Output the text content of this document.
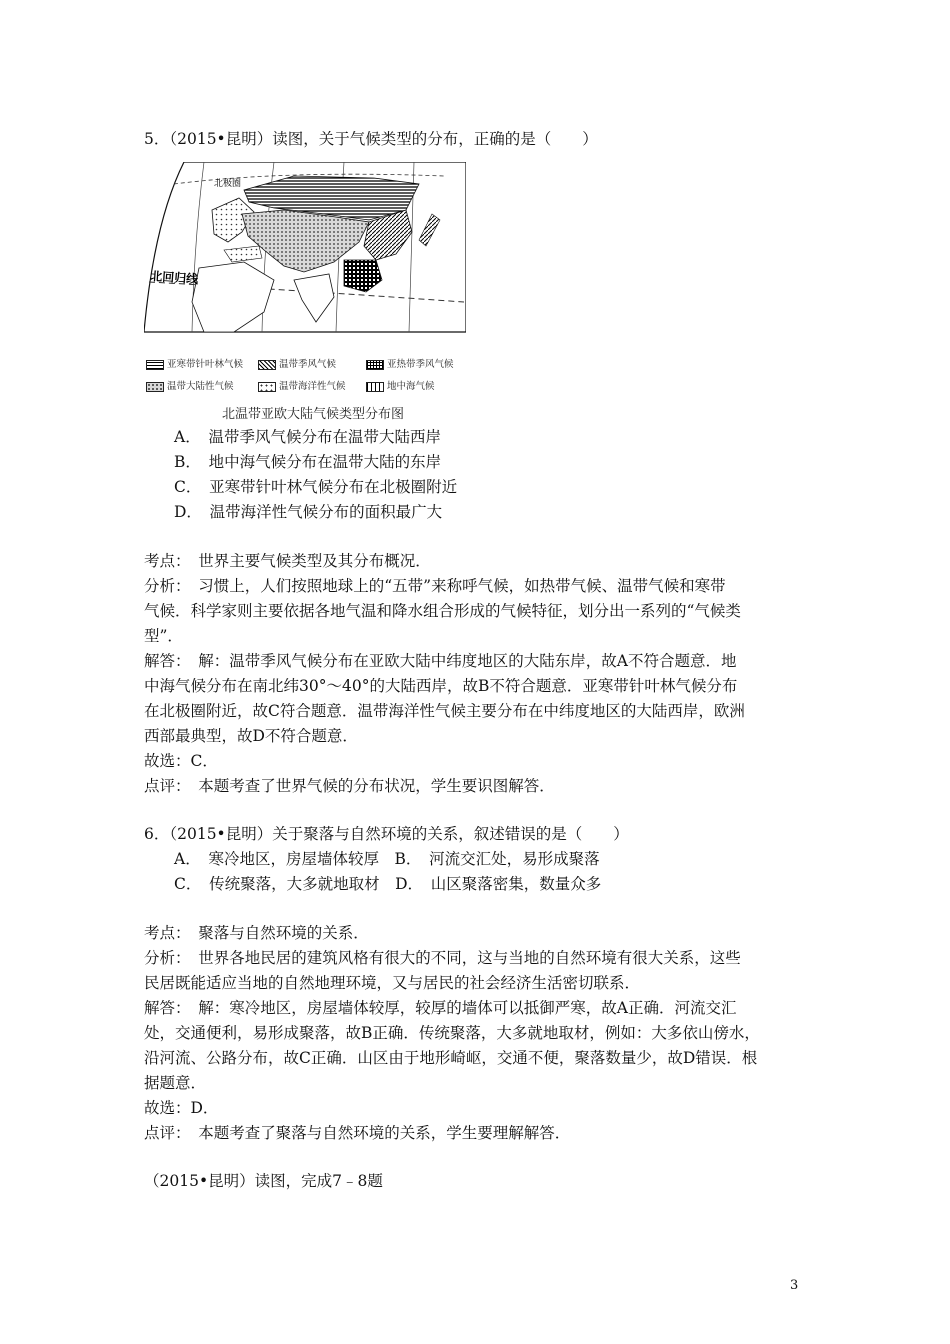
5．（2015•昆明）读图，关于气候类型的分布，正确的是（　　）
北极圈
北回归线
亚寒带针叶林气候	温带季风气候	亚热带季风气候
温带大陆性气候	温带海洋性气候	地中海气候
北温带亚欧大陆气候类型分布图
A．　温带季风气候分布在温带大陆西岸
B．　地中海气候分布在温带大陆的东岸
C．　亚寒带针叶林气候分布在北极圈附近
D．　温带海洋性气候分布的面积最广大
考点：　世界主要气候类型及其分布概况．
分析：　习惯上，人们按照地球上的“五带”来称呼气候，如热带气候、温带气候和寒带
气候．科学家则主要依据各地气温和降水组合形成的气候特征，划分出一系列的“气候类
型”．
解答：　解：温带季风气候分布在亚欧大陆中纬度地区的大陆东岸，故A不符合题意．地
中海气候分布在南北纬30°～40°的大陆西岸，故B不符合题意．亚寒带针叶林气候分布
在北极圈附近，故C符合题意．温带海洋性气候主要分布在中纬度地区的大陆西岸，欧洲
西部最典型，故D不符合题意．
故选：C．
点评：　本题考查了世界气候的分布状况，学生要识图解答．
6．（2015•昆明）关于聚落与自然环境的关系，叙述错误的是（　　）
A．　寒冷地区，房屋墙体较厚　B．　河流交汇处，易形成聚落
C．　传统聚落，大多就地取材　D．　山区聚落密集，数量众多
考点：　聚落与自然环境的关系．
分析：　世界各地民居的建筑风格有很大的不同，这与当地的自然环境有很大关系，这些
民居既能适应当地的自然地理环境，又与居民的社会经济生活密切联系．
解答：　解：寒冷地区，房屋墙体较厚，较厚的墙体可以抵御严寒，故A正确．河流交汇
处，交通便利，易形成聚落，故B正确．传统聚落，大多就地取材，例如：大多依山傍水，
沿河流、公路分布，故C正确．山区由于地形崎岖，交通不便，聚落数量少，故D错误．根
据题意．
故选：D．
点评：　本题考查了聚落与自然环境的关系，学生要理解解答．
（2015•昆明）读图，完成7﹣8题
3
